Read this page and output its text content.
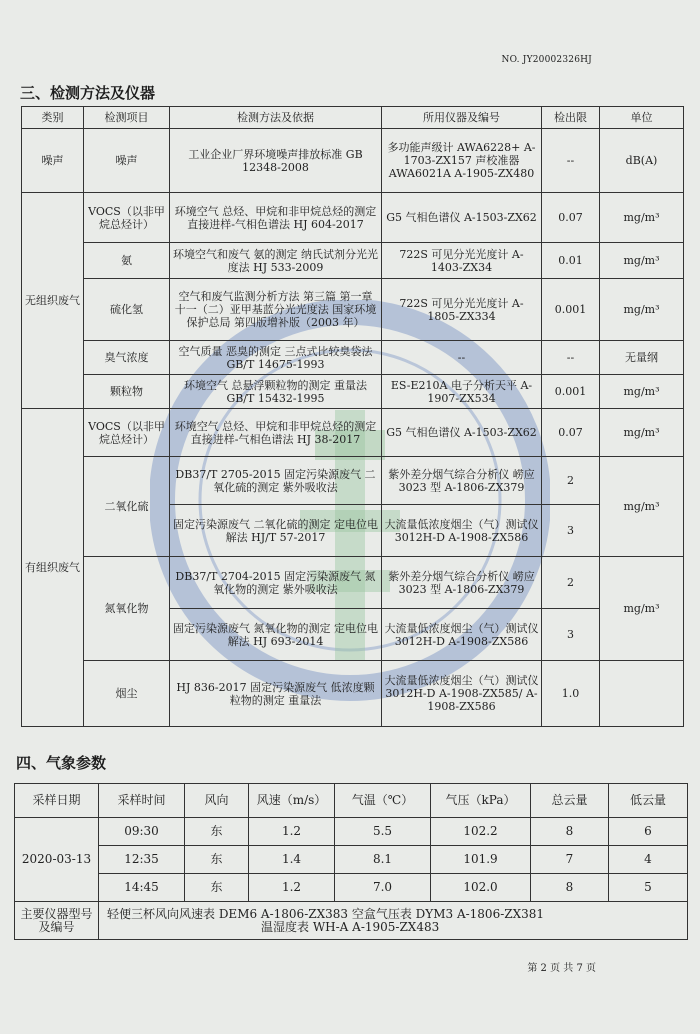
NO. JY20002326HJ
三、检测方法及仪器
类别	检测项目	检测方法及依据	所用仪器及编号	检出限	单位
噪声	噪声	工业企业厂界环境噪声排放标准 GB 12348-2008	多功能声级计 AWA6228+ A-1703-ZX157 声校准器 AWA6021A A-1905-ZX480	--	dB(A)
无组织废气	VOCS（以非甲烷总烃计）	环境空气 总烃、甲烷和非甲烷总烃的测定 直接进样-气相色谱法 HJ 604-2017	G5 气相色谱仪 A-1503-ZX62	0.07	mg/m³
	氨	环境空气和废气 氨的测定 纳氏试剂分光光度法 HJ 533-2009	722S 可见分光光度计 A-1403-ZX34	0.01	mg/m³
	硫化氢	空气和废气监测分析方法 第三篇 第一章 十一（二）亚甲基蓝分光光度法 国家环境保护总局 第四版增补版（2003 年）	722S 可见分光光度计 A-1805-ZX334	0.001	mg/m³
	臭气浓度	空气质量 恶臭的测定 三点式比较臭袋法 GB/T 14675-1993	--	--	无量纲
	颗粒物	环境空气 总悬浮颗粒物的测定 重量法 GB/T 15432-1995	ES-E210A 电子分析天平 A-1907-ZX534	0.001	mg/m³
有组织废气	VOCS（以非甲烷总烃计）	环境空气 总烃、甲烷和非甲烷总烃的测定 直接进样-气相色谱法 HJ 38-2017	G5 气相色谱仪 A-1503-ZX62	0.07	mg/m³
	二氧化硫	DB37/T 2705-2015 固定污染源废气 二氧化硫的测定 紫外吸收法	紫外差分烟气综合分析仪 崂应 3023 型 A-1806-ZX379	2	mg/m³
		固定污染源废气 二氧化硫的测定 定电位电解法 HJ/T 57-2017	大流量低浓度烟尘（气）测试仪 3012H-D A-1908-ZX586	3	
	氮氧化物	DB37/T 2704-2015 固定污染源废气 氮氧化物的测定 紫外吸收法	紫外差分烟气综合分析仪 崂应 3023 型 A-1806-ZX379	2	mg/m³
		固定污染源废气 氮氧化物的测定 定电位电解法 HJ 693-2014	大流量低浓度烟尘（气）测试仪 3012H-D A-1908-ZX586	3	
	烟尘	HJ 836-2017 固定污染源废气 低浓度颗粒物的测定 重量法	大流量低浓度烟尘（气）测试仪 3012H-D A-1908-ZX585/ A-1908-ZX586	1.0	
四、气象参数
采样日期	采样时间	风向	风速（m/s）	气温（℃）	气压（kPa）	总云量	低云量
2020-03-13	09:30	东	1.2	5.5	102.2	8	6
	12:35	东	1.4	8.1	101.9	7	4
	14:45	东	1.2	7.0	102.0	8	5
主要仪器型号及编号	轻便三杯风向风速表 DEM6 A-1806-ZX383 空盒气压表 DYM3 A-1806-ZX381
温湿度表 WH-A A-1905-ZX483						
第 2 页 共 7 页
